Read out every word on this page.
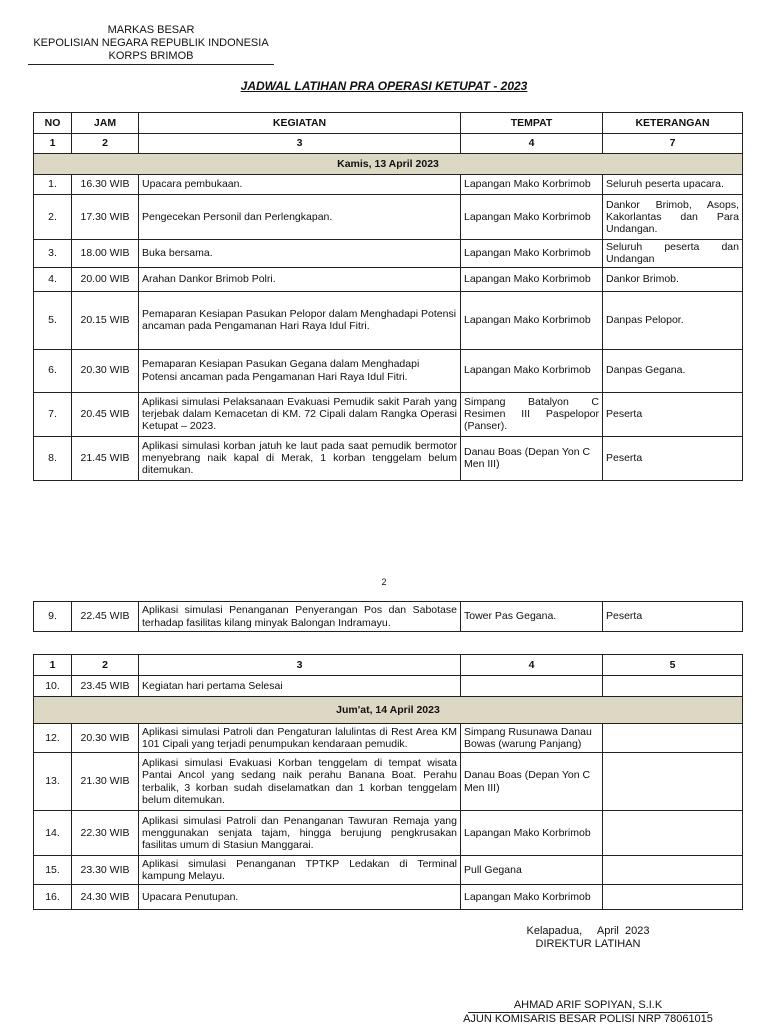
MARKAS BESAR
KEPOLISIAN NEGARA REPUBLIK INDONESIA
KORPS BRIMOB
JADWAL LATIHAN PRA OPERASI KETUPAT - 2023
NO	JAM	KEGIATAN	TEMPAT	KETERANGAN
1	2	3	4	7
Kamis, 13 April 2023				
1.	16.30 WIB	Upacara pembukaan.	Lapangan Mako Korbrimob	Seluruh peserta upacara.
2.	17.30 WIB	Pengecekan Personil dan Perlengkapan.	Lapangan Mako Korbrimob	Dankor Brimob, Asops, Kakorlantas dan Para Undangan.
3.	18.00 WIB	Buka bersama.	Lapangan Mako Korbrimob	Seluruh peserta dan Undangan
4.	20.00 WIB	Arahan Dankor Brimob Polri.	Lapangan Mako Korbrimob	Dankor Brimob.
5.	20.15 WIB	Pemaparan Kesiapan Pasukan Pelopor dalam Menghadapi Potensi ancaman pada Pengamanan Hari Raya Idul Fitri.	Lapangan Mako Korbrimob	Danpas Pelopor.
6.	20.30 WIB	Pemaparan Kesiapan Pasukan Gegana dalam Menghadapi Potensi ancaman pada Pengamanan Hari Raya Idul Fitri.	Lapangan Mako Korbrimob	Danpas Gegana.
7.	20.45 WIB	Aplikasi simulasi Pelaksanaan Evakuasi Pemudik sakit Parah yang terjebak dalam Kemacetan di KM. 72 Cipali dalam Rangka Operasi Ketupat – 2023.	Simpang Batalyon C Resimen III Paspelopor (Panser).	Peserta
8.	21.45 WIB	Aplikasi simulasi korban jatuh ke laut pada saat pemudik bermotor menyebrang naik kapal di Merak, 1 korban tenggelam belum ditemukan.	Danau Boas (Depan Yon C Men III)	Peserta
2
9.	22.45 WIB	Aplikasi simulasi Penanganan Penyerangan Pos dan Sabotase terhadap fasilitas kilang minyak Balongan Indramayu.	Tower Pas Gegana.	Peserta
1	2	3	4	5
10.	23.45 WIB	Kegiatan hari pertama Selesai		
Jum'at, 14 April 2023				
12.	20.30 WIB	Aplikasi simulasi Patroli dan Pengaturan lalulintas di Rest Area KM 101 Cipali yang terjadi penumpukan kendaraan pemudik.	Simpang Rusunawa Danau Bowas (warung Panjang)	
13.	21.30 WIB	Aplikasi simulasi Evakuasi Korban tenggelam di tempat wisata Pantai Ancol yang sedang naik perahu Banana Boat. Perahu terbalik, 3 korban sudah diselamatkan dan 1 korban tenggelam belum ditemukan.	Danau Boas (Depan Yon C Men III)	
14.	22.30 WIB	Aplikasi simulasi Patroli dan Penanganan Tawuran Remaja yang menggunakan senjata tajam, hingga berujung pengkrusakan fasilitas umum di Stasiun Manggarai.	Lapangan Mako Korbrimob	
15.	23.30 WIB	Aplikasi simulasi Penanganan TPTKP Ledakan di Terminal kampung Melayu.	Pull Gegana	
16.	24.30 WIB	Upacara Penutupan.	Lapangan Mako Korbrimob	
Kelapadua,     April  2023
DIREKTUR LATIHAN
AHMAD ARIF SOPIYAN, S.I.K
AJUN KOMISARIS BESAR POLISI NRP 78061015
